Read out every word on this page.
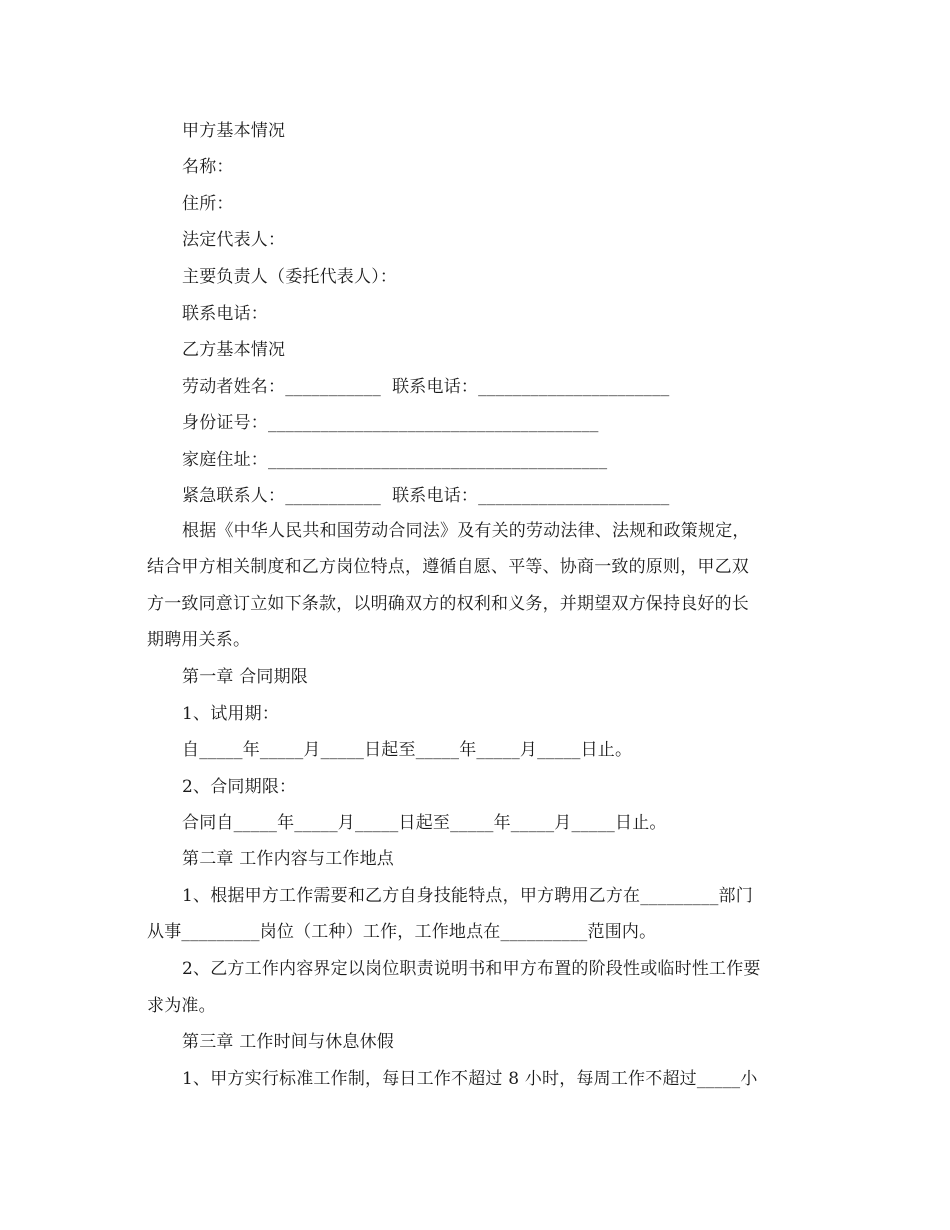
甲方基本情况
名称：
住所：
法定代表人：
主要负责人（委托代表人）：
联系电话：
乙方基本情况
劳动者姓名：___________  联系电话：______________________
身份证号：______________________________________
家庭住址：_______________________________________
紧急联系人：___________  联系电话：______________________
根据《中华人民共和国劳动合同法》及有关的劳动法律、法规和政策规定，
结合甲方相关制度和乙方岗位特点，遵循自愿、平等、协商一致的原则，甲乙双
方一致同意订立如下条款，以明确双方的权利和义务，并期望双方保持良好的长
期聘用关系。
第一章 合同期限
1、试用期：
自_____年_____月_____日起至_____年_____月_____日止。
2、合同期限：
合同自_____年_____月_____日起至_____年_____月_____日止。
第二章 工作内容与工作地点
1、根据甲方工作需要和乙方自身技能特点，甲方聘用乙方在_________部门
从事_________岗位（工种）工作，工作地点在__________范围内。
2、乙方工作内容界定以岗位职责说明书和甲方布置的阶段性或临时性工作要
求为准。
第三章 工作时间与休息休假
1、甲方实行标准工作制，每日工作不超过 8 小时，每周工作不超过_____小
